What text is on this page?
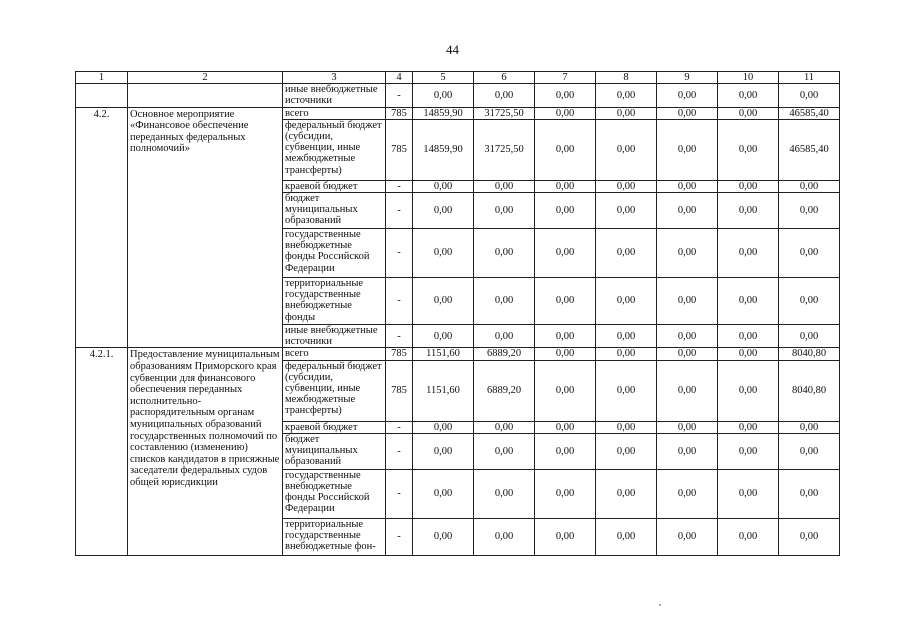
44
1	2	3	4	5	6	7	8	9	10	11
		иные внебюджетные источники	-	0,00	0,00	0,00	0,00	0,00	0,00	0,00
4.2.	Основное мероприятие «Финансовое обеспечение переданных федеральных полномочий»	всего	785	14859,90	31725,50	0,00	0,00	0,00	0,00	46585,40
		федеральный бюджет (субсидии, субвенции, иные межбюджетные трансферты)	785	14859,90	31725,50	0,00	0,00	0,00	0,00	46585,40
		краевой бюджет	-	0,00	0,00	0,00	0,00	0,00	0,00	0,00
		бюджет муниципальных образований	-	0,00	0,00	0,00	0,00	0,00	0,00	0,00
		государственные внебюджетные фонды Российской Федерации	-	0,00	0,00	0,00	0,00	0,00	0,00	0,00
		территориальные государственные внебюджетные фонды	-	0,00	0,00	0,00	0,00	0,00	0,00	0,00
		иные внебюджетные источники	-	0,00	0,00	0,00	0,00	0,00	0,00	0,00
4.2.1.	Предоставление муниципальным образованиям Приморского края субвенции для финансового обеспечения переданных исполнительно-распорядительным органам муниципальных образований государственных полномочий по составлению (изменению) списков кандидатов в присяжные заседатели федеральных судов общей юрисдикции	всего	785	1151,60	6889,20	0,00	0,00	0,00	0,00	8040,80
		федеральный бюджет (субсидии, субвенции, иные межбюджетные трансферты)	785	1151,60	6889,20	0,00	0,00	0,00	0,00	8040,80
		краевой бюджет	-	0,00	0,00	0,00	0,00	0,00	0,00	0,00
		бюджет муниципальных образований	-	0,00	0,00	0,00	0,00	0,00	0,00	0,00
		государственные внебюджетные фонды Российской Федерации	-	0,00	0,00	0,00	0,00	0,00	0,00	0,00
		территориальные государственные внебюджетные фон-	-	0,00	0,00	0,00	0,00	0,00	0,00	0,00
